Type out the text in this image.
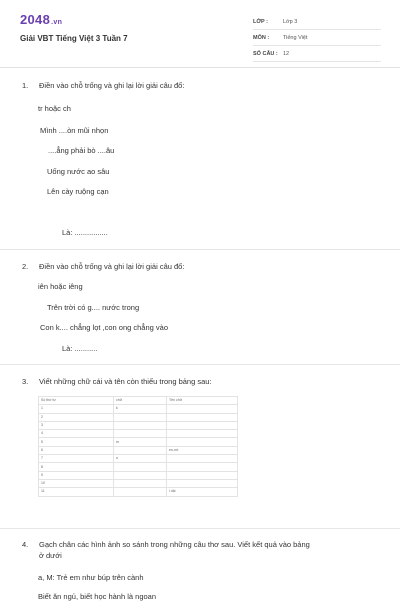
2048.vn
Giải VBT Tiếng Việt 3 Tuần 7
LỚP :	Lớp 3
MÔN :	Tiếng Việt
SỐ CÂU : 12
1. Điền vào chỗ trống và ghi lại lời giải câu đố:
tr hoặc ch
Mình ....òn mũi nhọn
....ẳng phải bò ....âu
Uống nước ao sâu
Lên cày ruộng cạn
Là: ................
2. Điền vào chỗ trống và ghi lại lời giải câu đố:
iên hoặc iêng
Trên trời có g.... nước trong
Con k.... chẳng lọt ,con ong chẳng vào
Là: ...........
3. Viết những chữ cái và tên còn thiếu trong bảng sau:
Số thứ tự	chữ	Tên chữ
1	k	
2		
3		
4		
5	m	
6		en-nờ
7	o	
8		
9		
10		
11		i dài
4. Gạch chân các hình ảnh so sánh trong những câu thơ sau. Viết kết quả vào bảng
ở dưới
a, M: Trẻ em như búp trên cành
Biết ăn ngủ, biết học hành là ngoan
